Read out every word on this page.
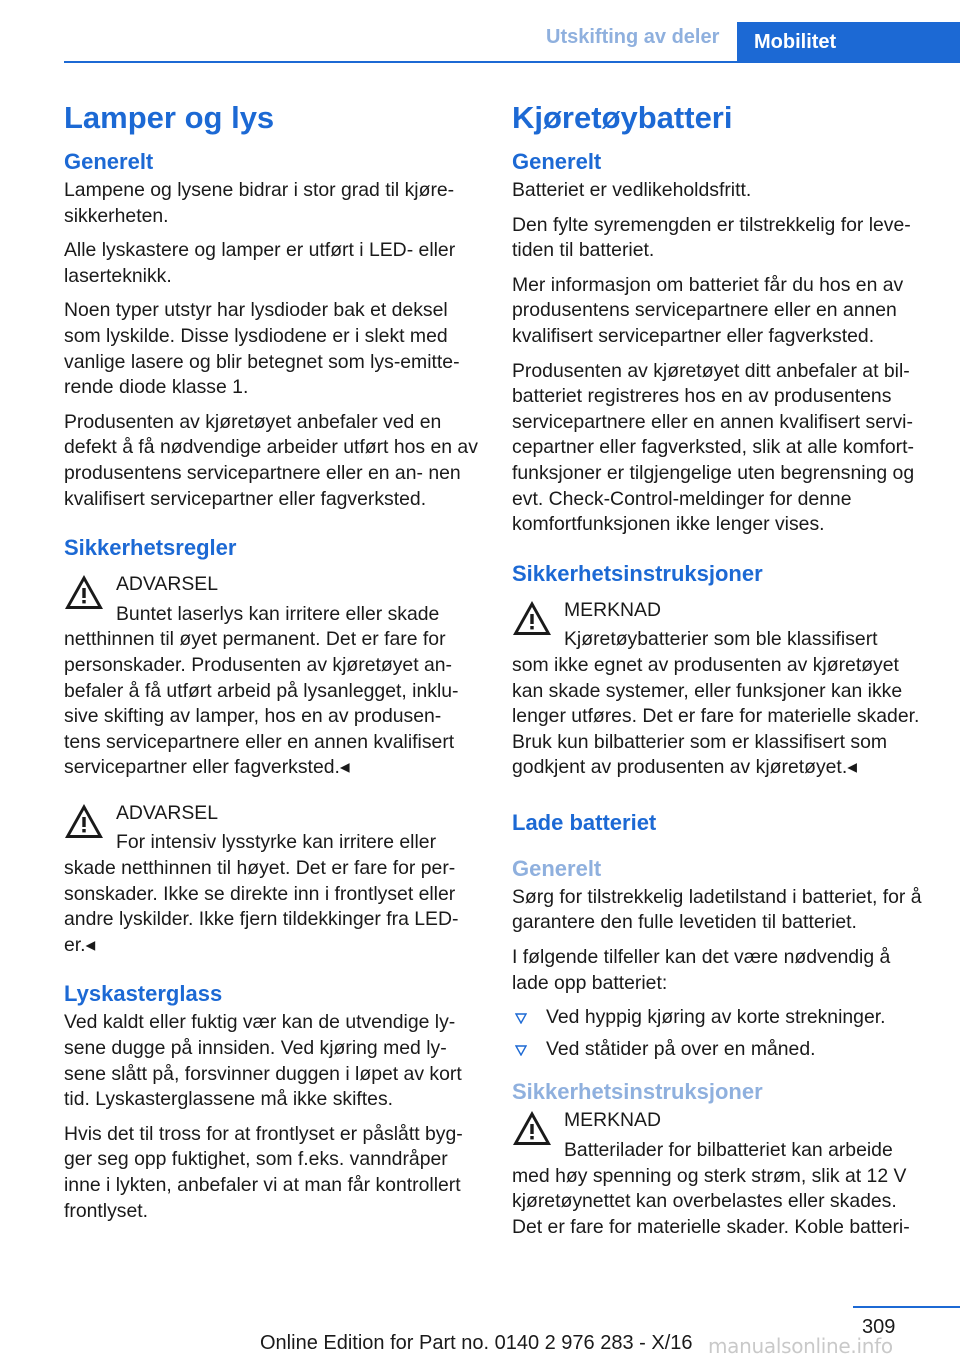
Utskifting av deler	Mobilitet
Lamper og lys
Generelt

Lampene og lysene bidrar i stor grad til kjøre- sikkerheten.

Alle lyskastere og lamper er utført i LED- eller laserteknikk.

Noen typer utstyr har lysdioder bak et deksel som lyskilde. Disse lysdiodene er i slekt med vanlige lasere og blir betegnet som lys-emitte- rende diode klasse 1.

Produsenten av kjøretøyet anbefaler ved en defekt å få nødvendige arbeider utført hos en av produsentens servicepartnere eller en an- nen kvalifisert servicepartner eller fagverksted.

Sikkerhetsregler

ADVARSEL

Buntet laserlys kan irritere eller skade

netthinnen til øyet permanent. Det er fare for personskader. Produsenten av kjøretøyet an- befaler å få utført arbeid på lysanlegget, inklu- sive skifting av lamper, hos en av produsen- tens servicepartnere eller en annen kvalifisert servicepartner eller fagverksted.◂

ADVARSEL

For intensiv lysstyrke kan irritere eller

skade netthinnen til høyet. Det er fare for per- sonskader. Ikke se direkte inn i frontlyset eller andre lyskilder. Ikke fjern tildekkinger fra LED- er.◂

Lyskasterglass

Ved kaldt eller fuktig vær kan de utvendige ly- sene dugge på innsiden. Ved kjøring med ly- sene slått på, forsvinner duggen i løpet av kort tid. Lyskasterglassene må ikke skiftes.

Hvis det til tross for at frontlyset er påslått byg- ger seg opp fuktighet, som f.eks. vanndråper inne i lykten, anbefaler vi at man får kontrollert frontlyset.

Kjøretøybatteri
Generelt

Batteriet er vedlikeholdsfritt.

Den fylte syremengden er tilstrekkelig for leve- tiden til batteriet.

Mer informasjon om batteriet får du hos en av produsentens servicepartnere eller en annen kvalifisert servicepartner eller fagverksted.

Produsenten av kjøretøyet ditt anbefaler at bil- batteriet registreres hos en av produsentens servicepartnere eller en annen kvalifisert servi- cepartner eller fagverksted, slik at alle komfort- funksjoner er tilgjengelige uten begrensning og evt. Check-Control-meldinger for denne komfortfunksjonen ikke lenger vises.

Sikkerhetsinstruksjoner

MERKNAD

Kjøretøybatterier som ble klassifisert

som ikke egnet av produsenten av kjøretøyet kan skade systemer, eller funksjoner kan ikke lenger utføres. Det er fare for materielle skader. Bruk kun bilbatterier som er klassifisert som godkjent av produsenten av kjøretøyet.◂

Lade batteriet
Generelt

Sørg for tilstrekkelig ladetilstand i batteriet, for å garantere den fulle levetiden til batteriet.

I følgende tilfeller kan det være nødvendig å lade opp batteriet:

Ved hyppig kjøring av korte strekninger.
Ved ståtider på over en måned.
Sikkerhetsinstruksjoner

MERKNAD

Batterilader for bilbatteriet kan arbeide

med høy spenning og sterk strøm, slik at 12 V kjøretøynettet kan overbelastes eller skades. Det er fare for materielle skader. Koble batteri-

309
Online Edition for Part no. 0140 2 976 283 - X/16 manualsonline.info
